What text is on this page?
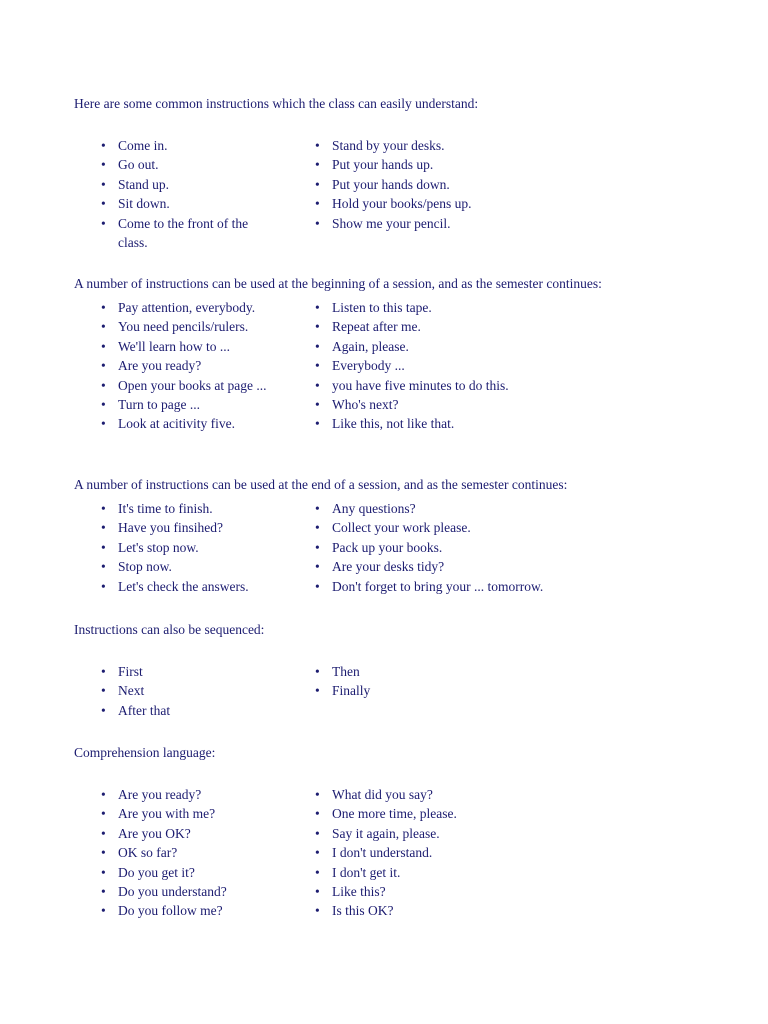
Here are some common instructions which the class can easily understand:

• Come in.
• Go out.
• Stand up.
• Sit down.
• Come to the front of the class.
• Stand by your desks.
• Put your hands up.
• Put your hands down.
• Hold your books/pens up.
• Show me your pencil.

A number of instructions can be used at the beginning of a session, and as the semester continues:

• Pay attention, everybody.
• You need pencils/rulers.
• We'll learn how to ...
• Are you ready?
• Open your books at page ...
• Turn to page ...
• Look at acitivity five.
• Listen to this tape.
• Repeat after me.
• Again, please.
• Everybody ...
• you have five minutes to do this.
• Who's next?
• Like this, not like that.

A number of instructions can be used at the end of a session, and as the semester continues:

• It's time to finish.
• Have you finsihed?
• Let's stop now.
• Stop now.
• Let's check the answers.
• Any questions?
• Collect your work please.
• Pack up your books.
• Are your desks tidy?
• Don't forget to bring your ... tomorrow.

Instructions can also be sequenced:

• First
• Next
• After that
• Then
• Finally

Comprehension language:

• Are you ready?
• Are you with me?
• Are you OK?
• OK so far?
• Do you get it?
• Do you understand?
• Do you follow me?
• What did you say?
• One more time, please.
• Say it again, please.
• I don't understand.
• I don't get it.
• Like this?
• Is this OK?
